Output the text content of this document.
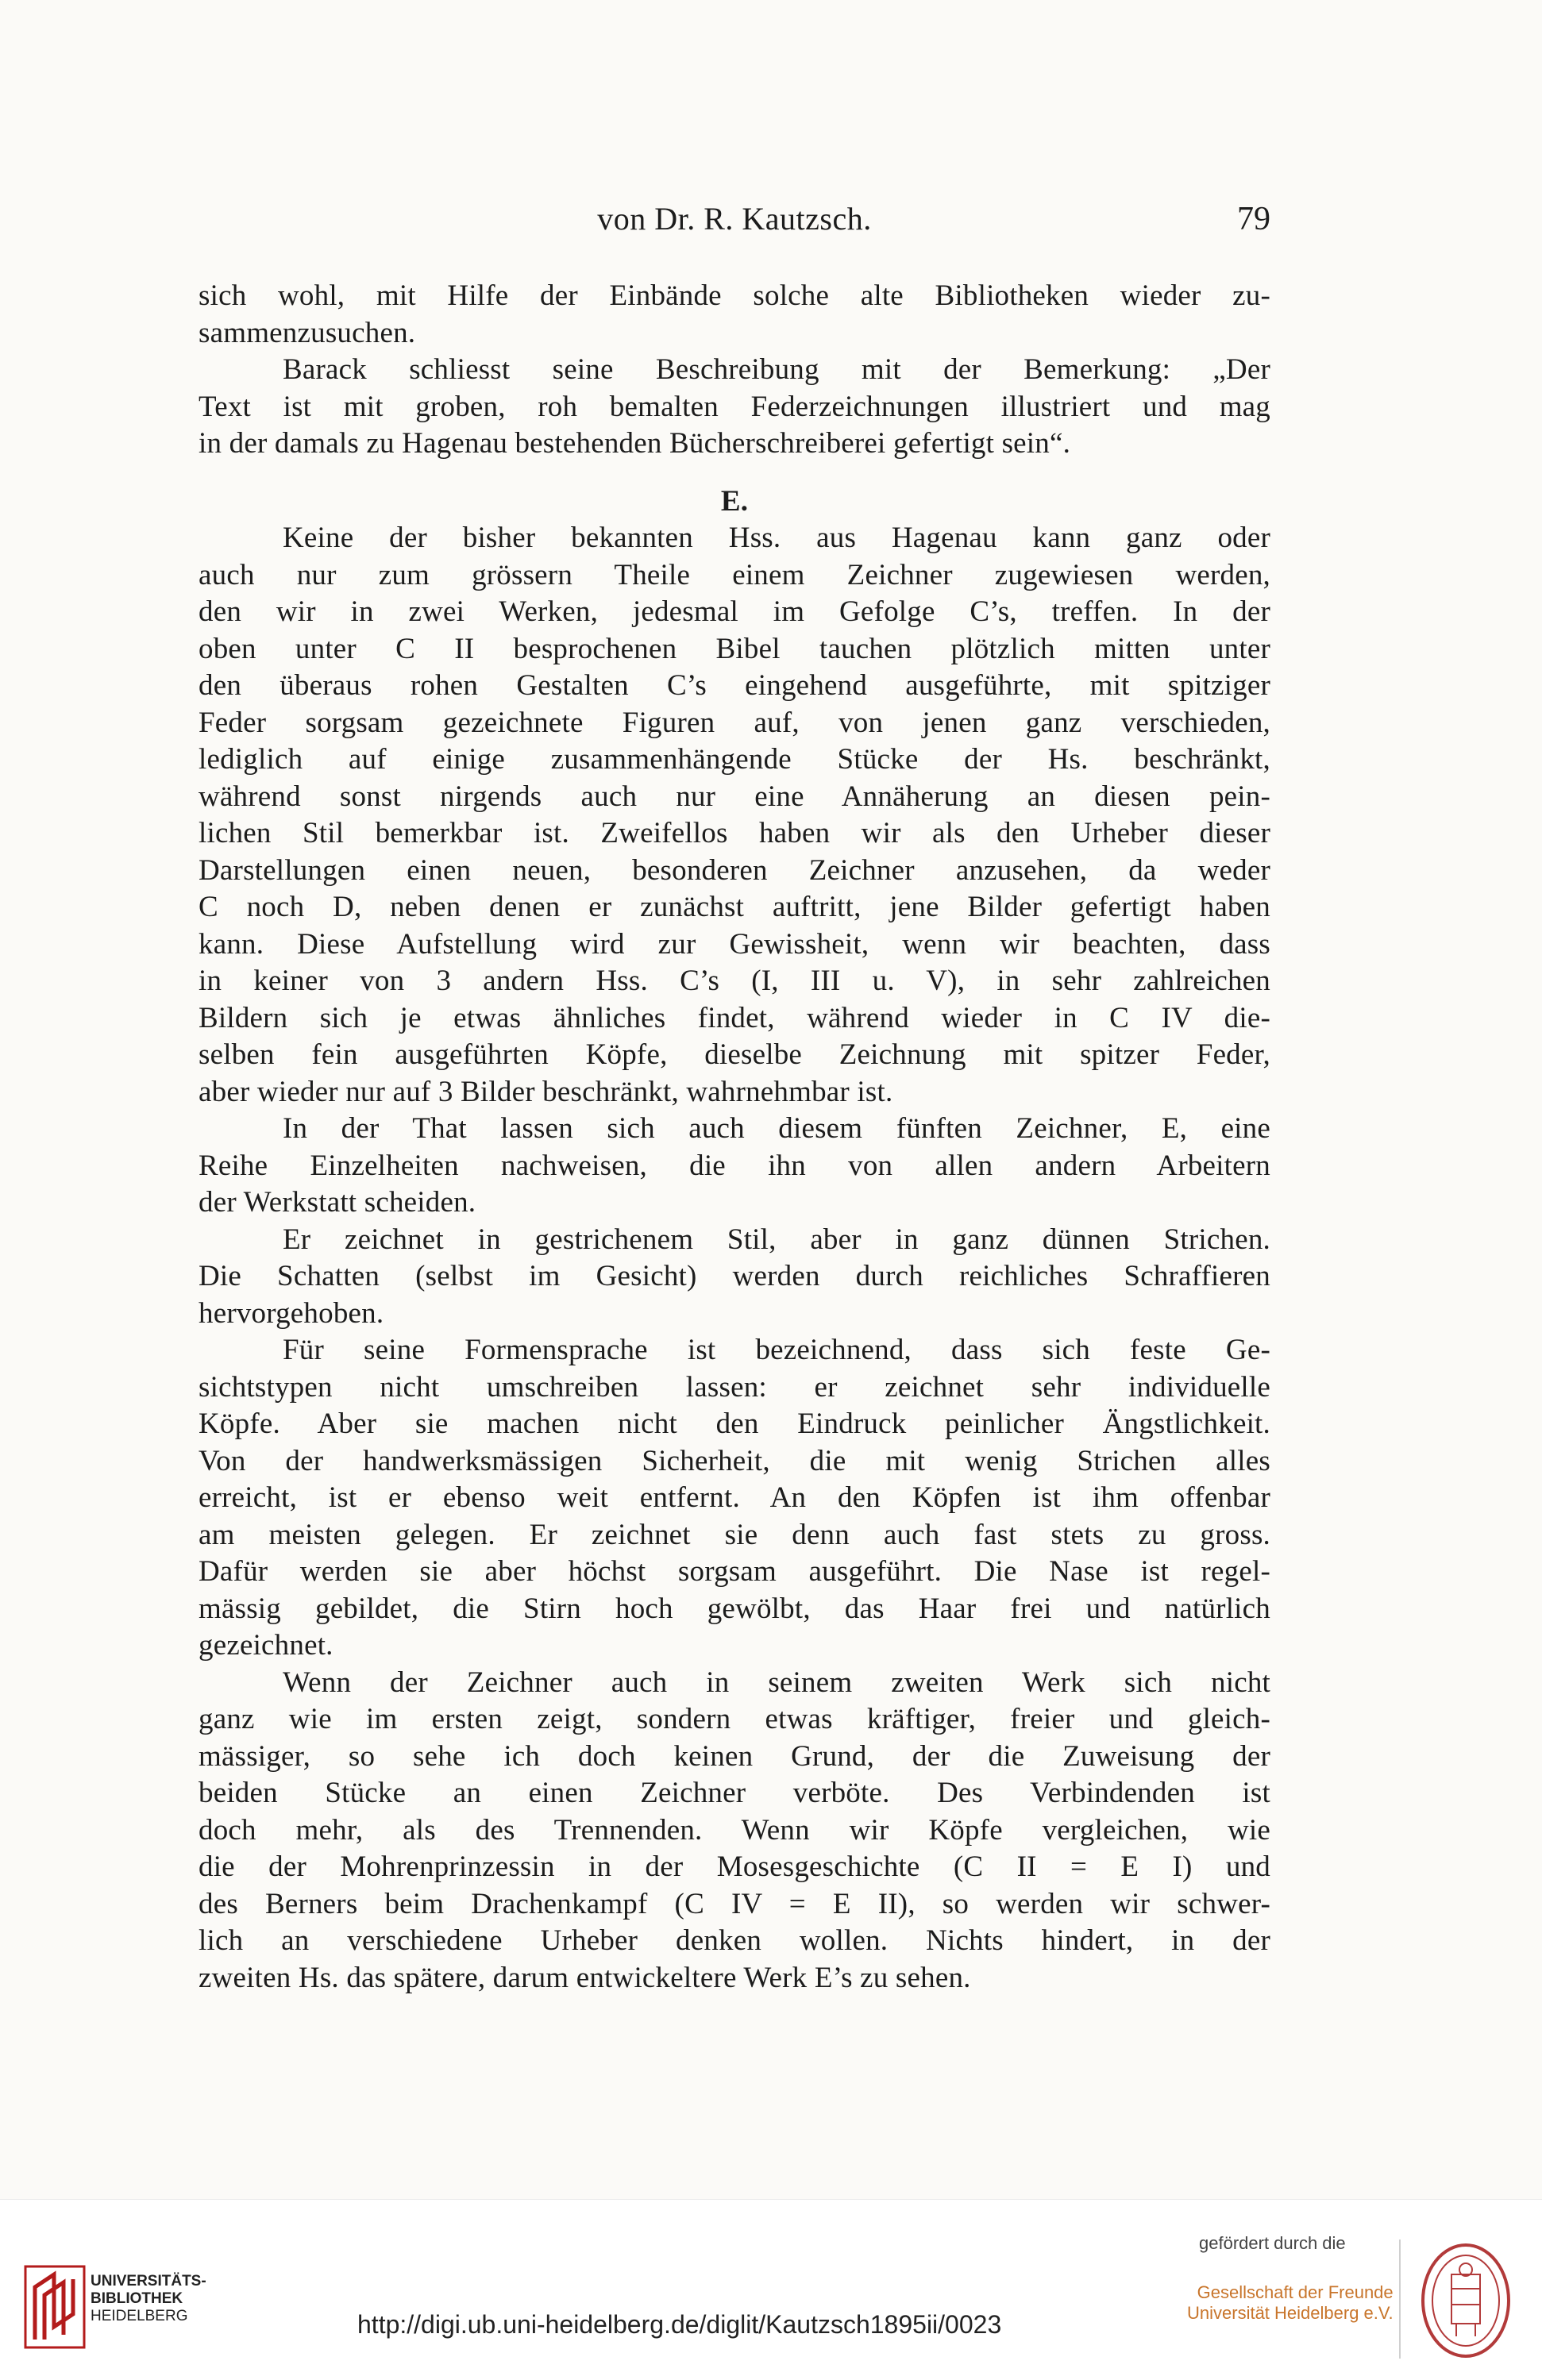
von Dr. R. Kautzsch.	79
sich wohl, mit Hilfe der Einbände solche alte Bibliotheken wieder zu-
sammenzusuchen.
Barack schliesst seine Beschreibung mit der Bemerkung: „Der
Text ist mit groben, roh bemalten Federzeichnungen illustriert und mag
in der damals zu Hagenau bestehenden Bücherschreiberei gefertigt sein“.
E.
Keine der bisher bekannten Hss. aus Hagenau kann ganz oder
auch nur zum grössern Theile einem Zeichner zugewiesen werden,
den wir in zwei Werken, jedesmal im Gefolge C’s, treffen. In der
oben unter C II besprochenen Bibel tauchen plötzlich mitten unter
den überaus rohen Gestalten C’s eingehend ausgeführte, mit spitziger
Feder sorgsam gezeichnete Figuren auf, von jenen ganz verschieden,
lediglich auf einige zusammenhängende Stücke der Hs. beschränkt,
während sonst nirgends auch nur eine Annäherung an diesen pein-
lichen Stil bemerkbar ist. Zweifellos haben wir als den Urheber dieser
Darstellungen einen neuen, besonderen Zeichner anzusehen, da weder
C noch D, neben denen er zunächst auftritt, jene Bilder gefertigt haben
kann. Diese Aufstellung wird zur Gewissheit, wenn wir beachten, dass
in keiner von 3 andern Hss. C’s (I, III u. V), in sehr zahlreichen
Bildern sich je etwas ähnliches findet, während wieder in C IV die-
selben fein ausgeführten Köpfe, dieselbe Zeichnung mit spitzer Feder,
aber wieder nur auf 3 Bilder beschränkt, wahrnehmbar ist.
In der That lassen sich auch diesem fünften Zeichner, E, eine
Reihe Einzelheiten nachweisen, die ihn von allen andern Arbeitern
der Werkstatt scheiden.
Er zeichnet in gestrichenem Stil, aber in ganz dünnen Strichen.
Die Schatten (selbst im Gesicht) werden durch reichliches Schraffieren
hervorgehoben.
Für seine Formensprache ist bezeichnend, dass sich feste Ge-
sichtstypen nicht umschreiben lassen: er zeichnet sehr individuelle
Köpfe. Aber sie machen nicht den Eindruck peinlicher Ängstlichkeit.
Von der handwerksmässigen Sicherheit, die mit wenig Strichen alles
erreicht, ist er ebenso weit entfernt. An den Köpfen ist ihm offenbar
am meisten gelegen. Er zeichnet sie denn auch fast stets zu gross.
Dafür werden sie aber höchst sorgsam ausgeführt. Die Nase ist regel-
mässig gebildet, die Stirn hoch gewölbt, das Haar frei und natürlich
gezeichnet.
Wenn der Zeichner auch in seinem zweiten Werk sich nicht
ganz wie im ersten zeigt, sondern etwas kräftiger, freier und gleich-
mässiger, so sehe ich doch keinen Grund, der die Zuweisung der
beiden Stücke an einen Zeichner verböte. Des Verbindenden ist
doch mehr, als des Trennenden. Wenn wir Köpfe vergleichen, wie
die der Mohrenprinzessin in der Mosesgeschichte (C II = E I) und
des Berners beim Drachenkampf (C IV = E II), so werden wir schwer-
lich an verschiedene Urheber denken wollen. Nichts hindert, in der
zweiten Hs. das spätere, darum entwickeltere Werk E’s zu sehen.
UNIVERSITÄTS-
BIBLIOTHEK
HEIDELBERG	http://digi.ub.uni-heidelberg.de/diglit/Kautzsch1895ii/0023
gefördert durch die
Gesellschaft der Freunde
Universität Heidelberg e.V.
